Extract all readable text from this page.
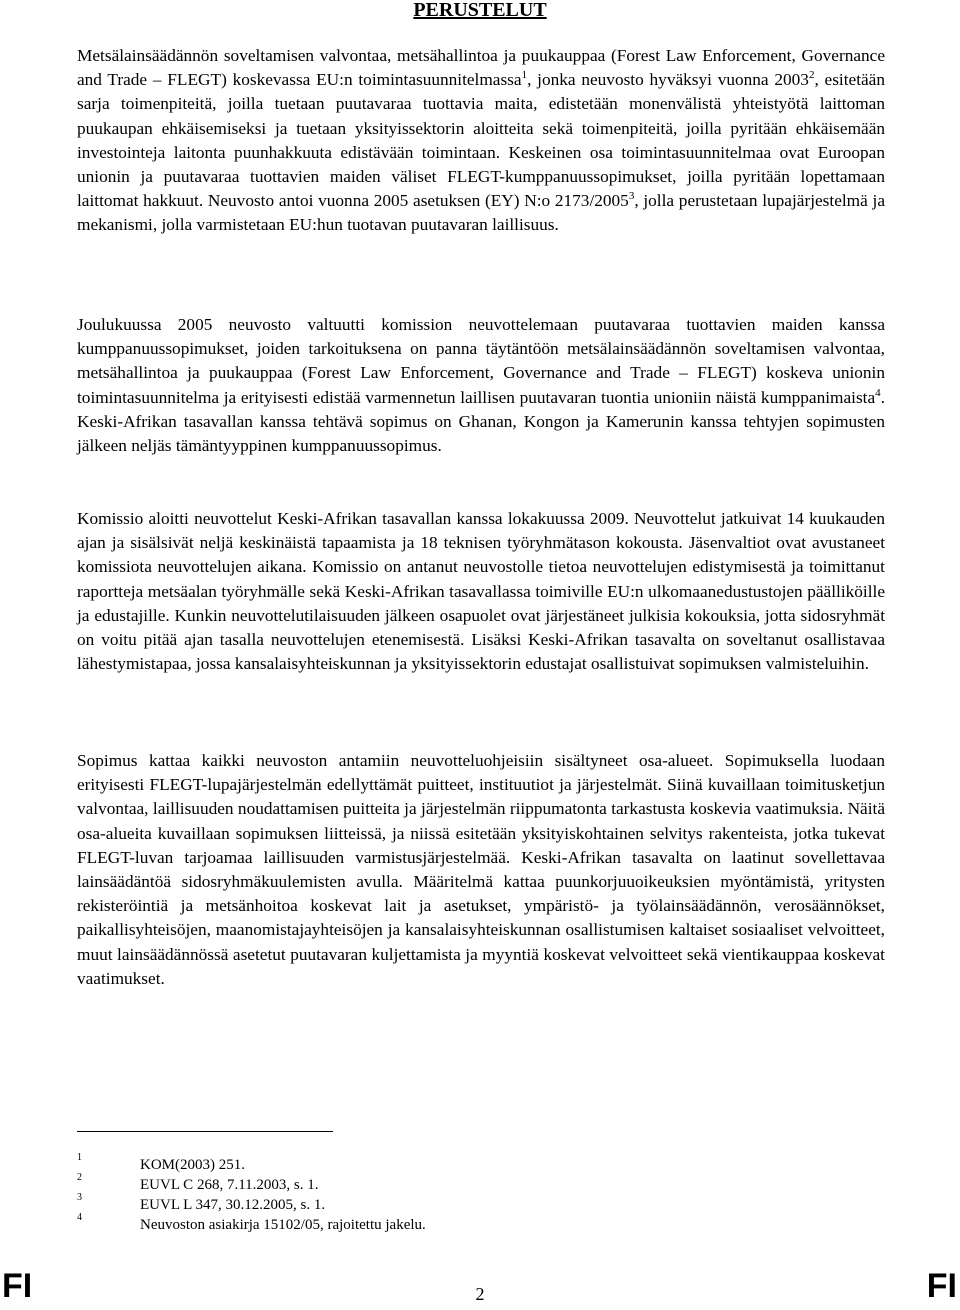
PERUSTELUT

Metsälainsäädännön soveltamisen valvontaa, metsähallintoa ja puukauppaa (Forest Law Enforcement, Governance and Trade – FLEGT) koskevassa EU:n toimintasuunnitelmassa$^1$, jonka neuvosto hyväksyi vuonna 2003$^2$, esitetään sarja toimenpiteitä, joilla tuetaan puutavaraa tuottavia maita, edistetään monenvälistä yhteistyötä laittoman puukaupan ehkäisemiseksi ja tuetaan yksityissektorin aloitteita sekä toimenpiteitä, joilla pyritään ehkäisemään investointeja laitonta puunhakkuuta edistävään toimintaan. Keskeinen osa toimintasuunnitelmaa ovat Euroopan unionin ja puutavaraa tuottavien maiden väliset FLEGT-kumppanuussopimukset, joilla pyritään lopettamaan laittomat hakkuut. Neuvosto antoi vuonna 2005 asetuksen (EY) N:o 2173/2005$^3$, jolla perustetaan lupajärjestelmä ja mekanismi, jolla varmistetaan EU:hun tuotavan puutavaran laillisuus.

Joulukuussa 2005 neuvosto valtuutti komission neuvottelemaan puutavaraa tuottavien maiden kanssa kumppanuussopimukset, joiden tarkoituksena on panna täytäntöön metsälainsäädännön soveltamisen valvontaa, metsähallintoa ja puukauppaa (Forest Law Enforcement, Governance and Trade – FLEGT) koskeva unionin toimintasuunnitelma ja erityisesti edistää varmennetun laillisen puutavaran tuontia unioniin näistä kumppanimaista$^4$. Keski-Afrikan tasavallan kanssa tehtävä sopimus on Ghanan, Kongon ja Kamerunin kanssa tehtyjen sopimusten jälkeen neljäs tämäntyyppinen kumppanuussopimus.

Komissio aloitti neuvottelut Keski-Afrikan tasavallan kanssa lokakuussa 2009. Neuvottelut jatkuivat 14 kuukauden ajan ja sisälsivät neljä keskinäistä tapaamista ja 18 teknisen työryhmätason kokousta. Jäsenvaltiot ovat avustaneet komissiota neuvottelujen aikana. Komissio on antanut neuvostolle tietoa neuvottelujen edistymisestä ja toimittanut raportteja metsäalan työryhmälle sekä Keski-Afrikan tasavallassa toimiville EU:n ulkomaanedustustojen päälliköille ja edustajille. Kunkin neuvottelutilaisuuden jälkeen osapuolet ovat järjestäneet julkisia kokouksia, jotta sidosryhmät on voitu pitää ajan tasalla neuvottelujen etenemisestä. Lisäksi Keski-Afrikan tasavalta on soveltanut osallistavaa lähestymistapaa, jossa kansalaisyhteiskunnan ja yksityissektorin edustajat osallistuivat sopimuksen valmisteluihin.

Sopimus kattaa kaikki neuvoston antamiin neuvotteluohjeisiin sisältyneet osa-alueet. Sopimuksella luodaan erityisesti FLEGT-lupajärjestelmän edellyttämät puitteet, instituutiot ja järjestelmät. Siinä kuvaillaan toimitusketjun valvontaa, laillisuuden noudattamisen puitteita ja järjestelmän riippumatonta tarkastusta koskevia vaatimuksia. Näitä osa-alueita kuvaillaan sopimuksen liitteissä, ja niissä esitetään yksityiskohtainen selvitys rakenteista, jotka tukevat FLEGT-luvan tarjoamaa laillisuuden varmistusjärjestelmää. Keski-Afrikan tasavalta on laatinut sovellettavaa lainsäädäntöä sidosryhmäkuulemisten avulla. Määritelmä kattaa puunkorjuuoikeuksien myöntämistä, yritysten rekisteröintiä ja metsänhoitoa koskevat lait ja asetukset, ympäristö- ja työlainsäädännön, verosäännökset, paikallisyhteisöjen, maanomistajayhteisöjen ja kansalaisyhteiskunnan osallistumisen kaltaiset sosiaaliset velvoitteet, muut lainsäädännössä asetetut puutavaran kuljettamista ja myyntiä koskevat velvoitteet sekä vientikauppaa koskevat vaatimukset.

1	KOM(2003) 251.
2	EUVL C 268, 7.11.2003, s. 1.
3	EUVL L 347, 30.12.2005, s. 1.
4	Neuvoston asiakirja 15102/05, rajoitettu jakelu.
FI	2	FI
